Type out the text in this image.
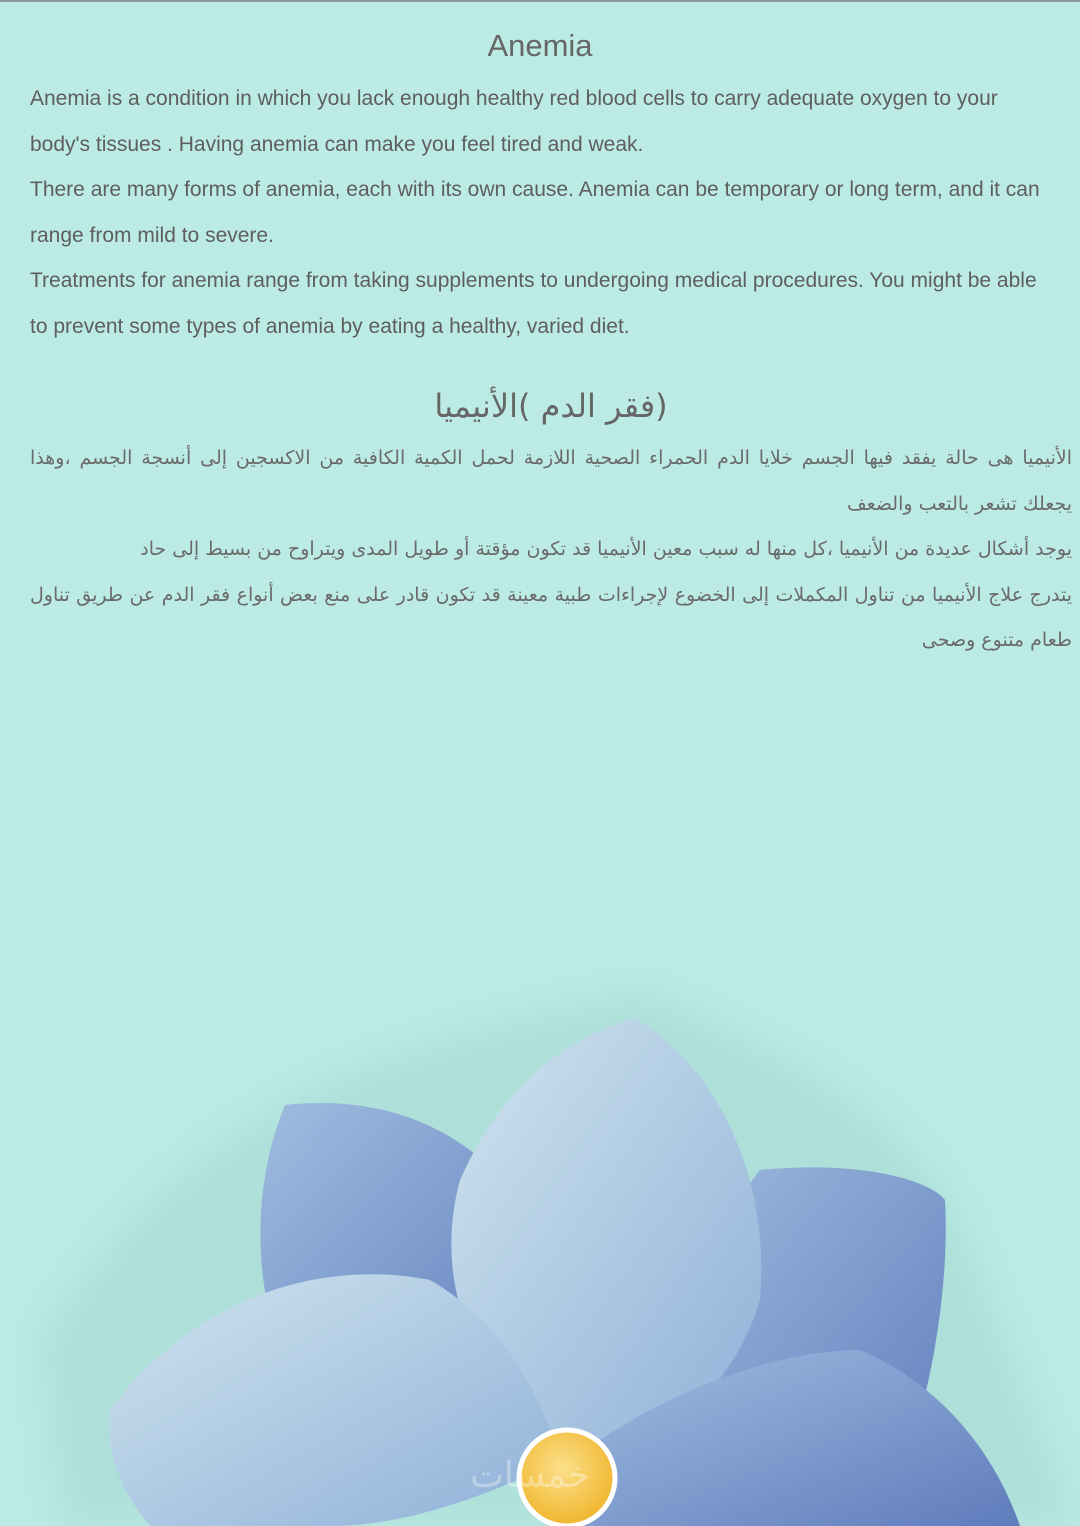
Anemia

Anemia is a condition in which you lack enough healthy red blood cells to carry adequate oxygen to your body's tissues . Having anemia can make you feel tired and weak.

There are many forms of anemia, each with its own cause. Anemia can be temporary or long term, and it can range from mild to severe.

Treatments for anemia range from taking supplements to undergoing medical procedures. You might be able to prevent some types of anemia by eating a healthy, varied diet.

(فقر الدم )الأنيميا

الأنيميا هى حالة يفقد فيها الجسم خلايا الدم الحمراء الصحية اللازمة لحمل الكمية الكافية من الاكسجين إلى أنسجة الجسم ،وهذا يجعلك تشعر بالتعب والضعف

يوجد أشكال عديدة من الأنيميا ،كل منها له سبب معين الأنيميا قد تكون مؤقتة أو طويل المدى ويتراوح من بسيط إلى حاد

يتدرج علاج الأنيميا من تناول المكملات إلى الخضوع لإجراءات طبية معينة قد تكون قادر على منع بعض أنواع فقر الدم عن طريق تناول طعام متنوع وصحى

خمسات
